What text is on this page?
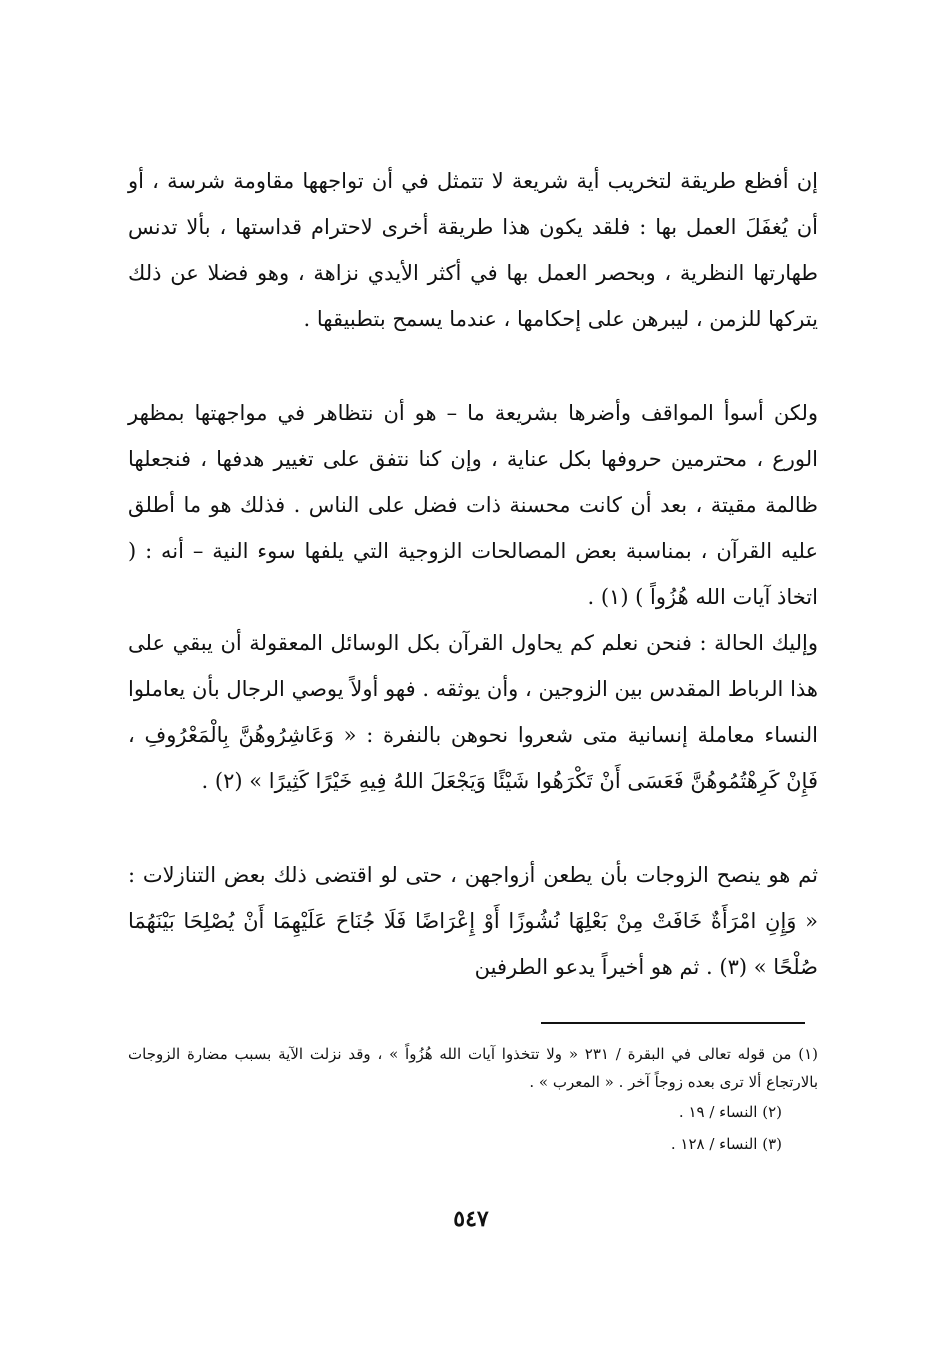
إن أفظع طريقة لتخريب أية شريعة لا تتمثل في أن تواجهها مقاومة شرسة ، أو أن يُغفَلَ العمل بها : فلقد يكون هذا طريقة أخرى لاحترام قداستها ، بألا تدنس طهارتها النظرية ، وبحصر العمل بها في أكثر الأيدي نزاهة ، وهو فضلا عن ذلك يتركها للزمن ، ليبرهن على إحكامها ، عندما يسمح بتطبيقها .

ولكن أسوأ المواقف وأضرها بشريعة ما – هو أن نتظاهر في مواجهتها بمظهر الورع ، محترمين حروفها بكل عناية ، وإن كنا نتفق على تغيير هدفها ، فنجعلها ظالمة مقيتة ، بعد أن كانت محسنة ذات فضل على الناس . فذلك هو ما أطلق عليه القرآن ، بمناسبة بعض المصالحات الزوجية التي يلفها سوء النية – أنه : ( اتخاذ آيات الله هُزُواً ) (١) .

وإليك الحالة : فنحن نعلم كم يحاول القرآن بكل الوسائل المعقولة أن يبقي على هذا الرباط المقدس بين الزوجين ، وأن يوثقه . فهو أولاً يوصي الرجال بأن يعاملوا النساء معاملة إنسانية متى شعروا نحوهن بالنفرة : « وَعَاشِرُوهُنَّ بِالْمَعْرُوفِ ، فَإِنْ كَرِهْتُمُوهُنَّ فَعَسَى أَنْ تَكْرَهُوا شَيْئًا وَيَجْعَلَ اللهُ فِيهِ خَيْرًا كَثِيرًا » (٢) .

ثم هو ينصح الزوجات بأن يطعن أزواجهن ، حتى لو اقتضى ذلك بعض التنازلات : « وَإِنِ امْرَأَةٌ خَافَتْ مِنْ بَعْلِهَا نُشُوزًا أَوْ إِعْرَاضًا فَلَا جُنَاحَ عَلَيْهِمَا أَنْ يُصْلِحَا بَيْنَهُمَا صُلْحًا » (٣) . ثم هو أخيراً يدعو الطرفين

(١) من قوله تعالى في البقرة / ٢٣١ « ولا تتخذوا آيات الله هُزُواً » ، وقد نزلت الآية بسبب مضارة الزوجات بالارتجاع ألا ترى بعده زوجاً آخر . « المعرب » .

(٢) النساء / ١٩ .

(٣) النساء / ١٢٨ .

٥٤٧
